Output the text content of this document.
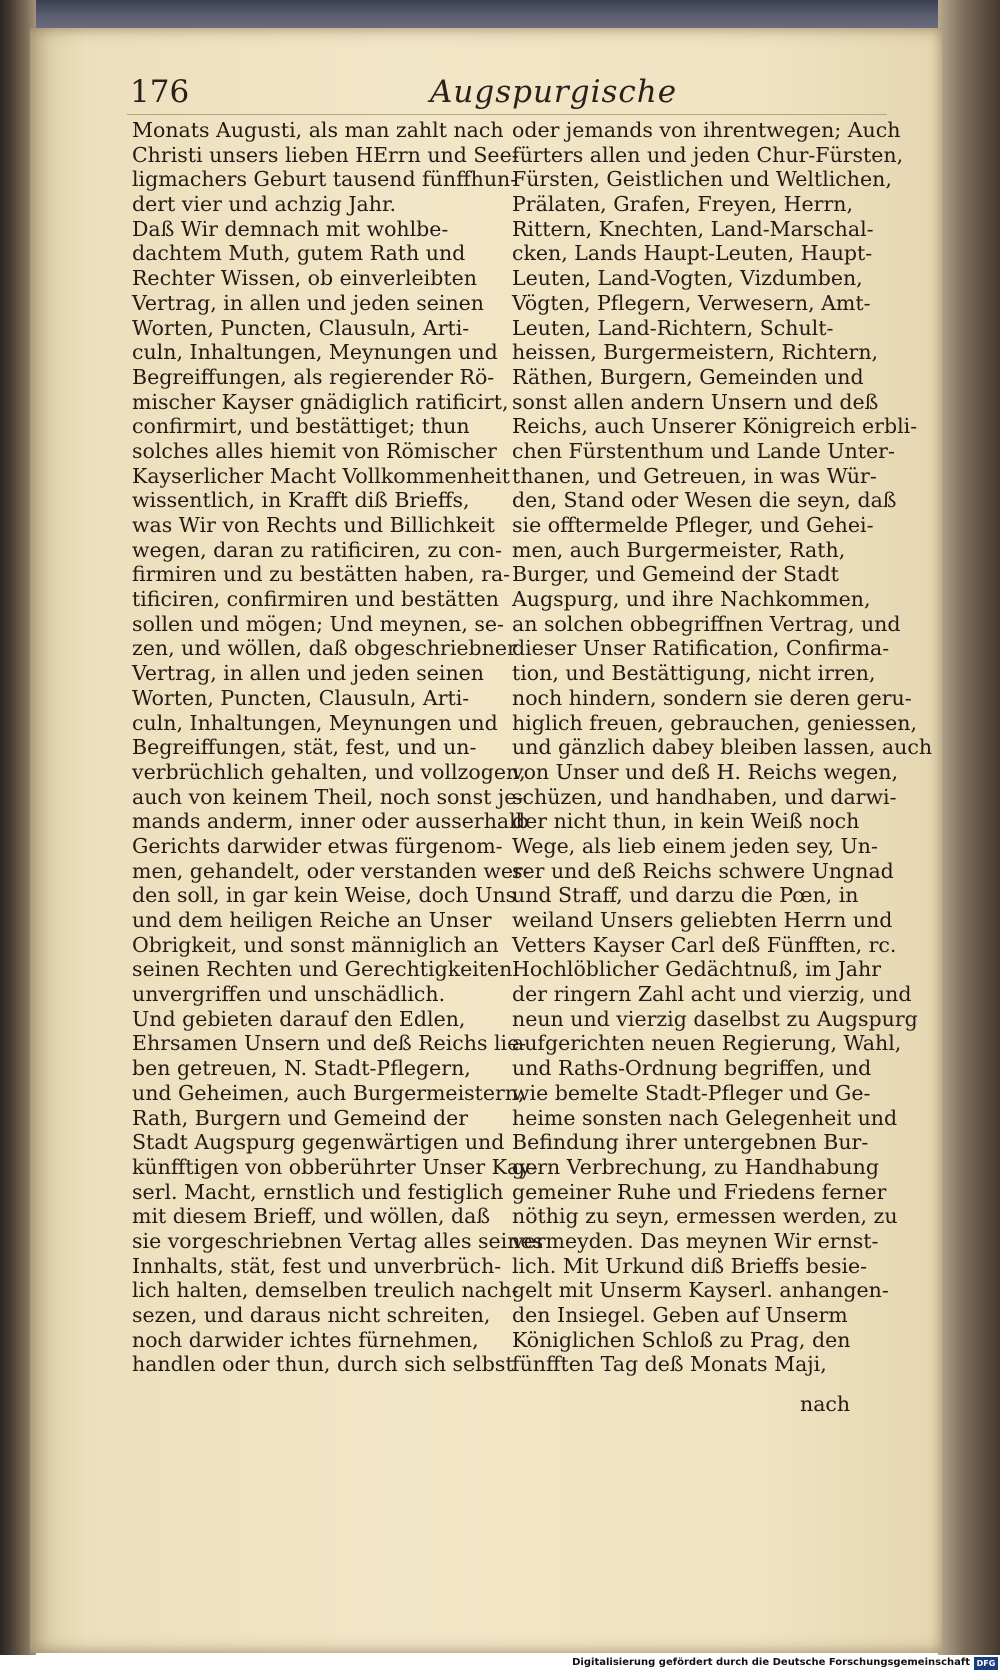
176	Augspurgische
Monats Augusti, als man zahlt nach
Christi unsers lieben HErrn und See-
ligmachers Geburt tausend fünffhun-
dert vier und achzig Jahr.
Daß Wir demnach mit wohlbe-
dachtem Muth, gutem Rath und
Rechter Wissen, ob einverleibten
Vertrag, in allen und jeden seinen
Worten, Puncten, Clausuln, Arti-
culn, Inhaltungen, Meynungen und
Begreiffungen, als regierender Rö-
mischer Kayser gnädiglich ratificirt,
confirmirt, und bestättiget; thun
solches alles hiemit von Römischer
Kayserlicher Macht Vollkommenheit
wissentlich, in Krafft diß Brieffs,
was Wir von Rechts und Billichkeit
wegen, daran zu ratificiren, zu con-
firmiren und zu bestätten haben, ra-
tificiren, confirmiren und bestätten
sollen und mögen; Und meynen, se-
zen, und wöllen, daß obgeschriebner
Vertrag, in allen und jeden seinen
Worten, Puncten, Clausuln, Arti-
culn, Inhaltungen, Meynungen und
Begreiffungen, stät, fest, und un-
verbrüchlich gehalten, und vollzogen,
auch von keinem Theil, noch sonst je-
mands anderm, inner oder ausserhalb
Gerichts darwider etwas fürgenom-
men, gehandelt, oder verstanden wer-
den soll, in gar kein Weise, doch Uns
und dem heiligen Reiche an Unser
Obrigkeit, und sonst männiglich an
seinen Rechten und Gerechtigkeiten
unvergriffen und unschädlich.
Und gebieten darauf den Edlen,
Ehrsamen Unsern und deß Reichs lie-
ben getreuen, N. Stadt-Pflegern,
und Geheimen, auch Burgermeistern,
Rath, Burgern und Gemeind der
Stadt Augspurg gegenwärtigen und
künfftigen von obberührter Unser Kay-
serl. Macht, ernstlich und festiglich
mit diesem Brieff, und wöllen, daß
sie vorgeschriebnen Vertag alles seines
Innhalts, stät, fest und unverbrüch-
lich halten, demselben treulich nach-
sezen, und daraus nicht schreiten,
noch darwider ichtes fürnehmen,
handlen oder thun, durch sich selbst
oder jemands von ihrentwegen; Auch
fürters allen und jeden Chur-Fürsten,
Fürsten, Geistlichen und Weltlichen,
Prälaten, Grafen, Freyen, Herrn,
Rittern, Knechten, Land-Marschal-
cken, Lands Haupt-Leuten, Haupt-
Leuten, Land-Vogten, Vizdumben,
Vögten, Pflegern, Verwesern, Amt-
Leuten, Land-Richtern, Schult-
heissen, Burgermeistern, Richtern,
Räthen, Burgern, Gemeinden und
sonst allen andern Unsern und deß
Reichs, auch Unserer Königreich erbli-
chen Fürstenthum und Lande Unter-
thanen, und Getreuen, in was Wür-
den, Stand oder Wesen die seyn, daß
sie offtermelde Pfleger, und Gehei-
men, auch Burgermeister, Rath,
Burger, und Gemeind der Stadt
Augspurg, und ihre Nachkommen,
an solchen obbegriffnen Vertrag, und
dieser Unser Ratification, Confirma-
tion, und Bestättigung, nicht irren,
noch hindern, sondern sie deren geru-
higlich freuen, gebrauchen, geniessen,
und gänzlich dabey bleiben lassen, auch
von Unser und deß H. Reichs wegen,
schüzen, und handhaben, und darwi-
der nicht thun, in kein Weiß noch
Wege, als lieb einem jeden sey, Un-
ser und deß Reichs schwere Ungnad
und Straff, und darzu die Pœn, in
weiland Unsers geliebten Herrn und
Vetters Kayser Carl deß Fünfften, rc.
Hochlöblicher Gedächtnuß, im Jahr
der ringern Zahl acht und vierzig, und
neun und vierzig daselbst zu Augspurg
aufgerichten neuen Regierung, Wahl,
und Raths-Ordnung begriffen, und
wie bemelte Stadt-Pfleger und Ge-
heime sonsten nach Gelegenheit und
Befindung ihrer untergebnen Bur-
gern Verbrechung, zu Handhabung
gemeiner Ruhe und Friedens ferner
nöthig zu seyn, ermessen werden, zu
vermeyden. Das meynen Wir ernst-
lich. Mit Urkund diß Brieffs besie-
gelt mit Unserm Kayserl. anhangen-
den Insiegel. Geben auf Unserm
Königlichen Schloß zu Prag, den
fünfften Tag deß Monats Maji,
nach
Digitalisierung gefördert durch die Deutsche Forschungsgemeinschaft DFG
